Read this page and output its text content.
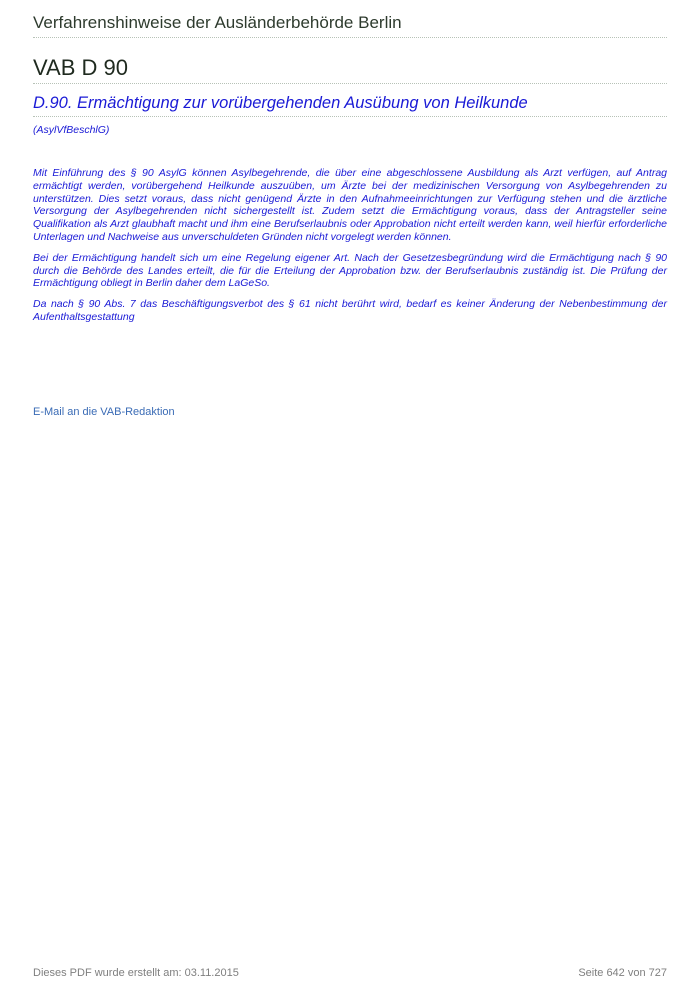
Verfahrenshinweise der Ausländerbehörde Berlin
VAB D 90
D.90. Ermächtigung zur vorübergehenden Ausübung von Heilkunde
(AsylVfBeschlG)

Mit Einführung des § 90 AsylG können Asylbegehrende, die über eine abgeschlossene Ausbildung als Arzt verfügen, auf Antrag ermächtigt werden, vorübergehend Heilkunde auszuüben, um Ärzte bei der medizinischen Versorgung von Asylbegehrenden zu unterstützen. Dies setzt voraus, dass nicht genügend Ärzte in den Aufnahmeeinrichtungen zur Verfügung stehen und die ärztliche Versorgung der Asylbegehrenden nicht sichergestellt ist. Zudem setzt die Ermächtigung voraus, dass der Antragsteller seine Qualifikation als Arzt glaubhaft macht und ihm eine Berufserlaubnis oder Approbation nicht erteilt werden kann, weil hierfür erforderliche Unterlagen und Nachweise aus unverschuldeten Gründen nicht vorgelegt werden können.

Bei der Ermächtigung handelt sich um eine Regelung eigener Art. Nach der Gesetzesbegründung wird die Ermächtigung nach § 90 durch die Behörde des Landes erteilt, die für die Erteilung der Approbation bzw. der Berufserlaubnis zuständig ist. Die Prüfung der Ermächtigung obliegt in Berlin daher dem LaGeSo.

Da nach § 90 Abs. 7 das Beschäftigungsverbot des § 61 nicht berührt wird, bedarf es keiner Änderung der Nebenbestimmung der Aufenthaltsgestattung

E-Mail an die VAB-Redaktion
Dieses PDF wurde erstellt am: 03.11.2015	Seite 642 von 727
